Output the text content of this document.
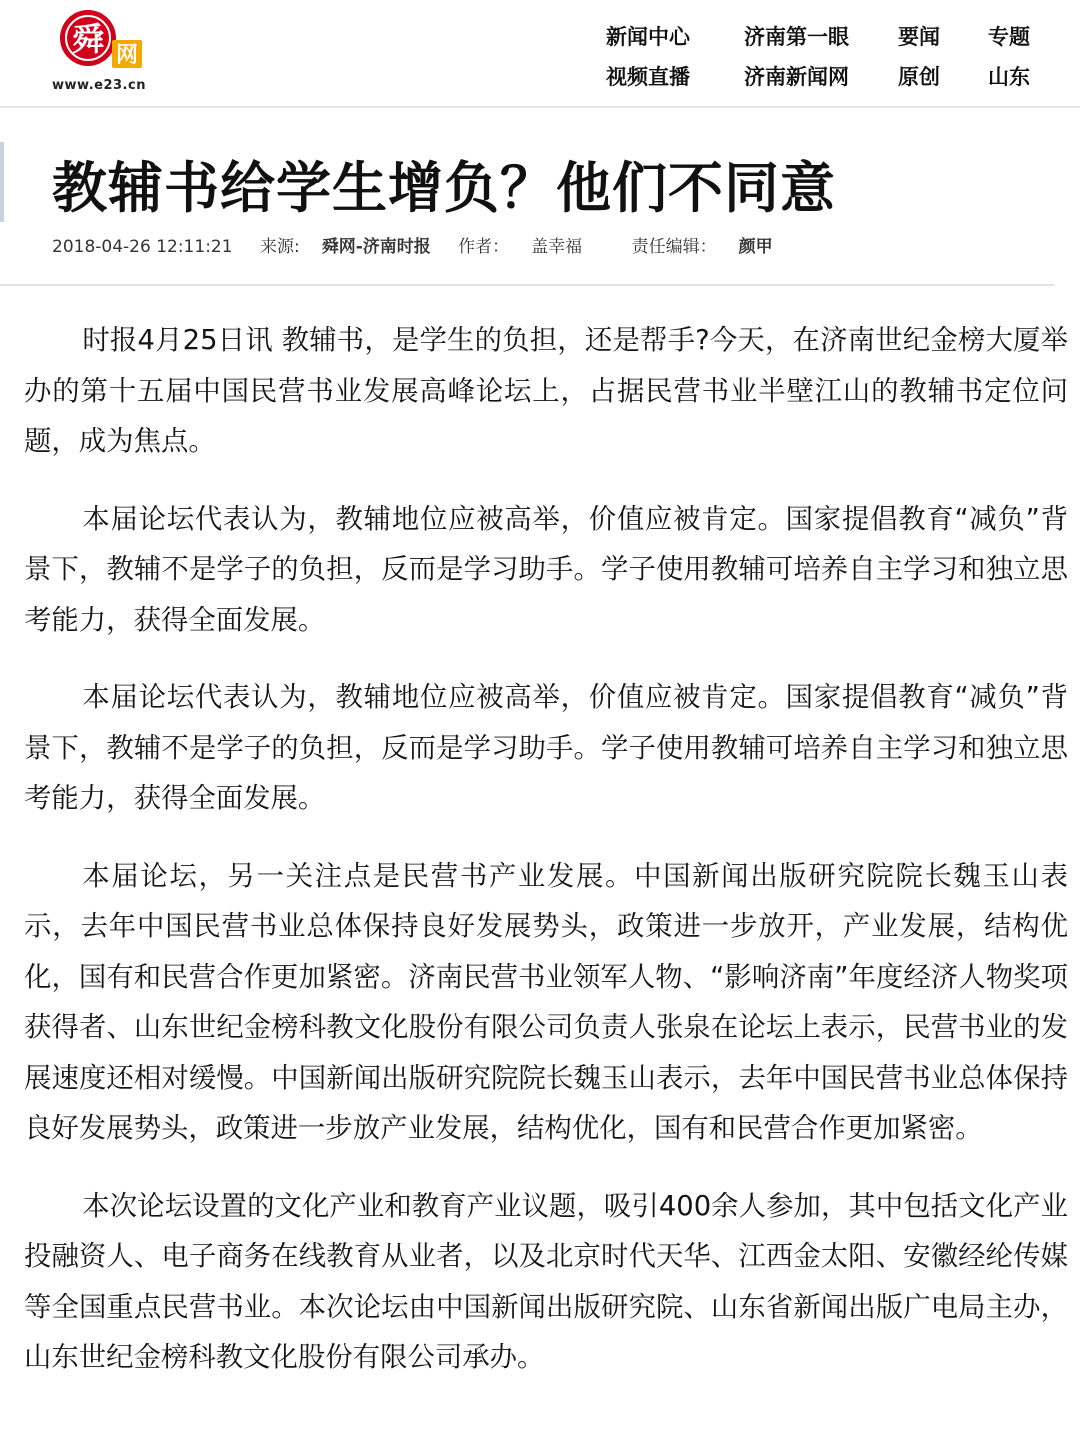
舜 网
www.e23.cn
新闻中心	济南第一眼	要闻	专题
视频直播	济南新闻网	原创	山东
教辅书给学生增负？他们不同意
2018-04-26 12:11:21 来源: 舜网-济南时报 作者： 盖幸福	责任编辑： 颜甲

时报4月25日讯 教辅书，是学生的负担，还是帮手?今天，在济南世纪金榜大厦举办的第十五届中国民营书业发展高峰论坛上，占据民营书业半壁江山的教辅书定位问题，成为焦点。

本届论坛代表认为，教辅地位应被高举，价值应被肯定。国家提倡教育“减负”背景下，教辅不是学子的负担，反而是学习助手。学子使用教辅可培养自主学习和独立思考能力，获得全面发展。

本届论坛代表认为，教辅地位应被高举，价值应被肯定。国家提倡教育“减负”背景下，教辅不是学子的负担，反而是学习助手。学子使用教辅可培养自主学习和独立思考能力，获得全面发展。

本届论坛，另一关注点是民营书产业发展。中国新闻出版研究院院长魏玉山表示，去年中国民营书业总体保持良好发展势头，政策进一步放开，产业发展，结构优化，国有和民营合作更加紧密。济南民营书业领军人物、“影响济南”年度经济人物奖项获得者、山东世纪金榜科教文化股份有限公司负责人张泉在论坛上表示，民营书业的发展速度还相对缓慢。中国新闻出版研究院院长魏玉山表示，去年中国民营书业总体保持良好发展势头，政策进一步放产业发展，结构优化，国有和民营合作更加紧密。

本次论坛设置的文化产业和教育产业议题，吸引400余人参加，其中包括文化产业投融资人、电子商务在线教育从业者，以及北京时代天华、江西金太阳、安徽经纶传媒等全国重点民营书业。本次论坛由中国新闻出版研究院、山东省新闻出版广电局主办，山东世纪金榜科教文化股份有限公司承办。
